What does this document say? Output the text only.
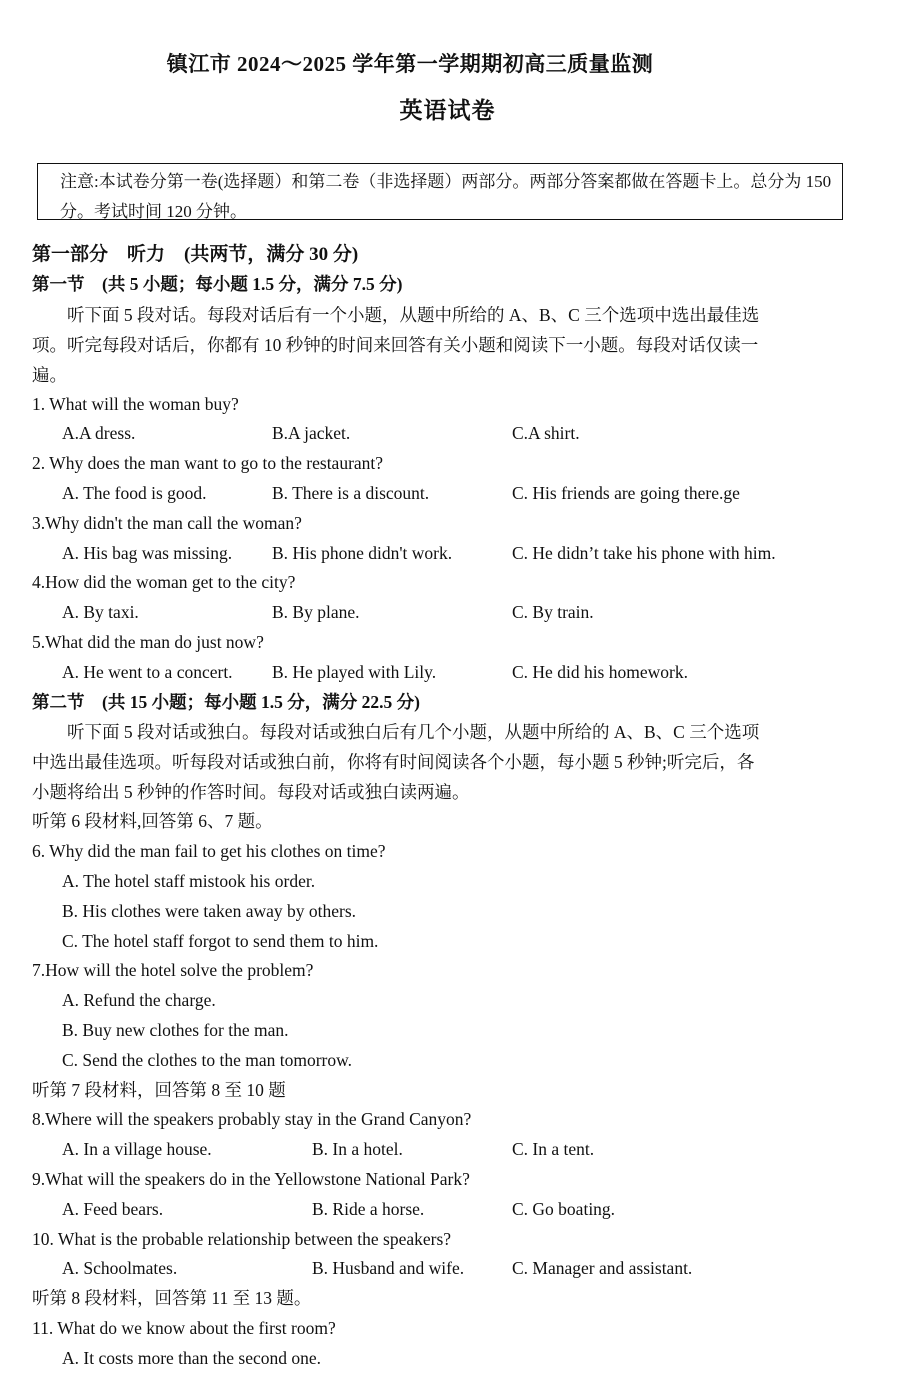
镇江市 2024～2025 学年第一学期期初高三质量监测
英语试卷
注意:本试卷分第一卷(选择题）和第二卷（非选择题）两部分。两部分答案都做在答题卡上。总分为 150 分。考试时间 120 分钟。
第一部分　听力　(共两节，满分 30 分)
第一节　(共 5 小题；每小题 1.5 分，满分 7.5 分)
听下面 5 段对话。每段对话后有一个小题，从题中所给的 A、B、C 三个选项中选出最佳选
项。听完每段对话后，你都有 10 秒钟的时间来回答有关小题和阅读下一小题。每段对话仅读一
遍。
1. What will the woman buy?
A.A dress.	B.A jacket.	C.A shirt.
2. Why does the man want to go to the restaurant?
A. The food is good.	B. There is a discount.	C. His friends are going there.ge
3.Why didn't the man call the woman?
A. His bag was missing. B. His phone didn't work.	C. He didn’t take his phone with him.
4.How did the woman get to the city?
A. By taxi.	B. By plane.	C. By train.
5.What did the man do just now?
A. He went to a concert. B. He played with Lily.	C. He did his homework.
第二节　(共 15 小题；每小题 1.5 分，满分 22.5 分)
听下面 5 段对话或独白。每段对话或独白后有几个小题，从题中所给的 A、B、C 三个选项
中选出最佳选项。听每段对话或独白前，你将有时间阅读各个小题，每小题 5 秒钟;听完后，各
小题将给出 5 秒钟的作答时间。每段对话或独白读两遍。
听第 6 段材料,回答第 6、7 题。
6. Why did the man fail to get his clothes on time?
A. The hotel staff mistook his order.
B. His clothes were taken away by others.
C. The hotel staff forgot to send them to him.
7.How will the hotel solve the problem?
A. Refund the charge.
B. Buy new clothes for the man.
C. Send the clothes to the man tomorrow.
听第 7 段材料，回答第 8 至 10 题
8.Where will the speakers probably stay in the Grand Canyon?
A. In a village house.	B. In a hotel.	C. In a tent.
9.What will the speakers do in the Yellowstone National Park?
A. Feed bears.	B. Ride a horse.	C. Go boating.
10. What is the probable relationship between the speakers?
A. Schoolmates.	B. Husband and wife.	C. Manager and assistant.
听第 8 段材料，回答第 11 至 13 题。
11. What do we know about the first room?
A. It costs more than the second one.
